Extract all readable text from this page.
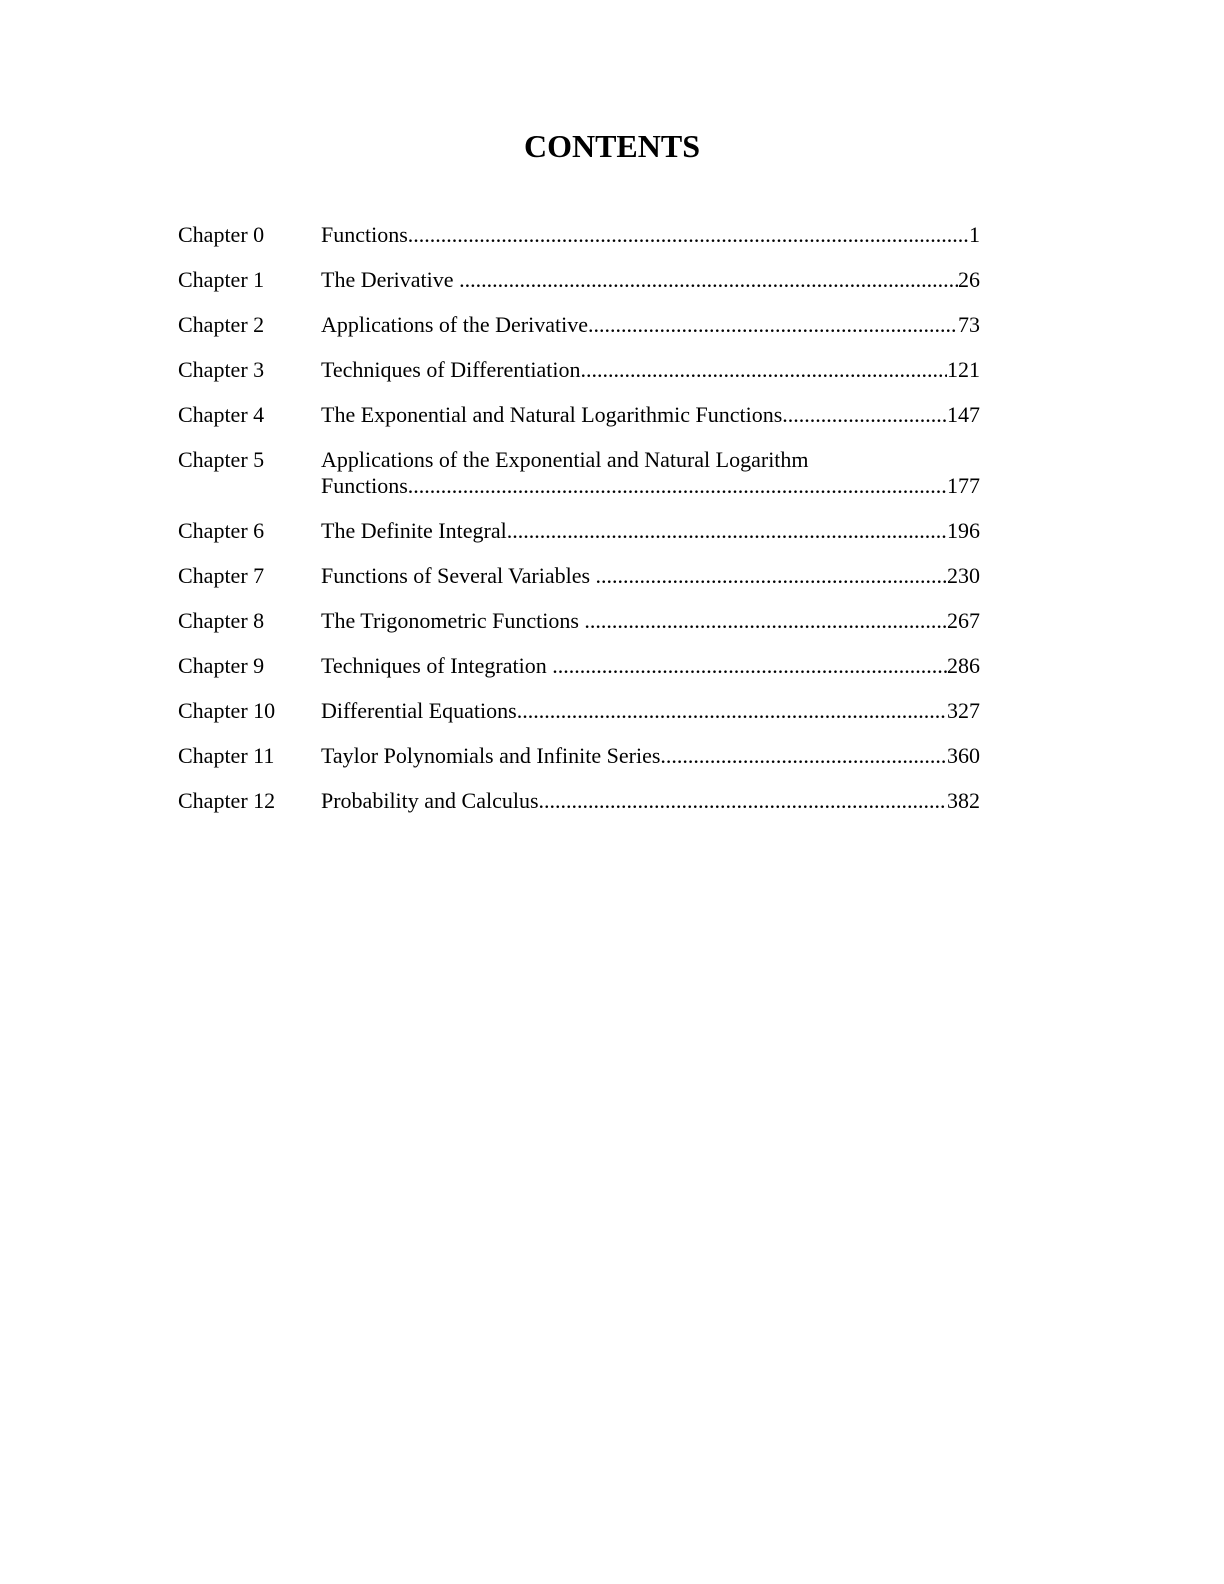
CONTENTS
Chapter 0	Functions .....	1
Chapter 1	The Derivative .....	26
Chapter 2	Applications of the Derivative .....	73
Chapter 3	Techniques of Differentiation .....	121
Chapter 4	The Exponential and Natural Logarithmic Functions .....	147
Chapter 5	Applications of the Exponential and Natural Logarithm
Functions .....	177
Chapter 6	The Definite Integral .....	196
Chapter 7	Functions of Several Variables .....	230
Chapter 8	The Trigonometric Functions .....	267
Chapter 9	Techniques of Integration .....	286
Chapter 10	Differential Equations .....	327
Chapter 11	Taylor Polynomials and Infinite Series .....	360
Chapter 12	Probability and Calculus .....	382
